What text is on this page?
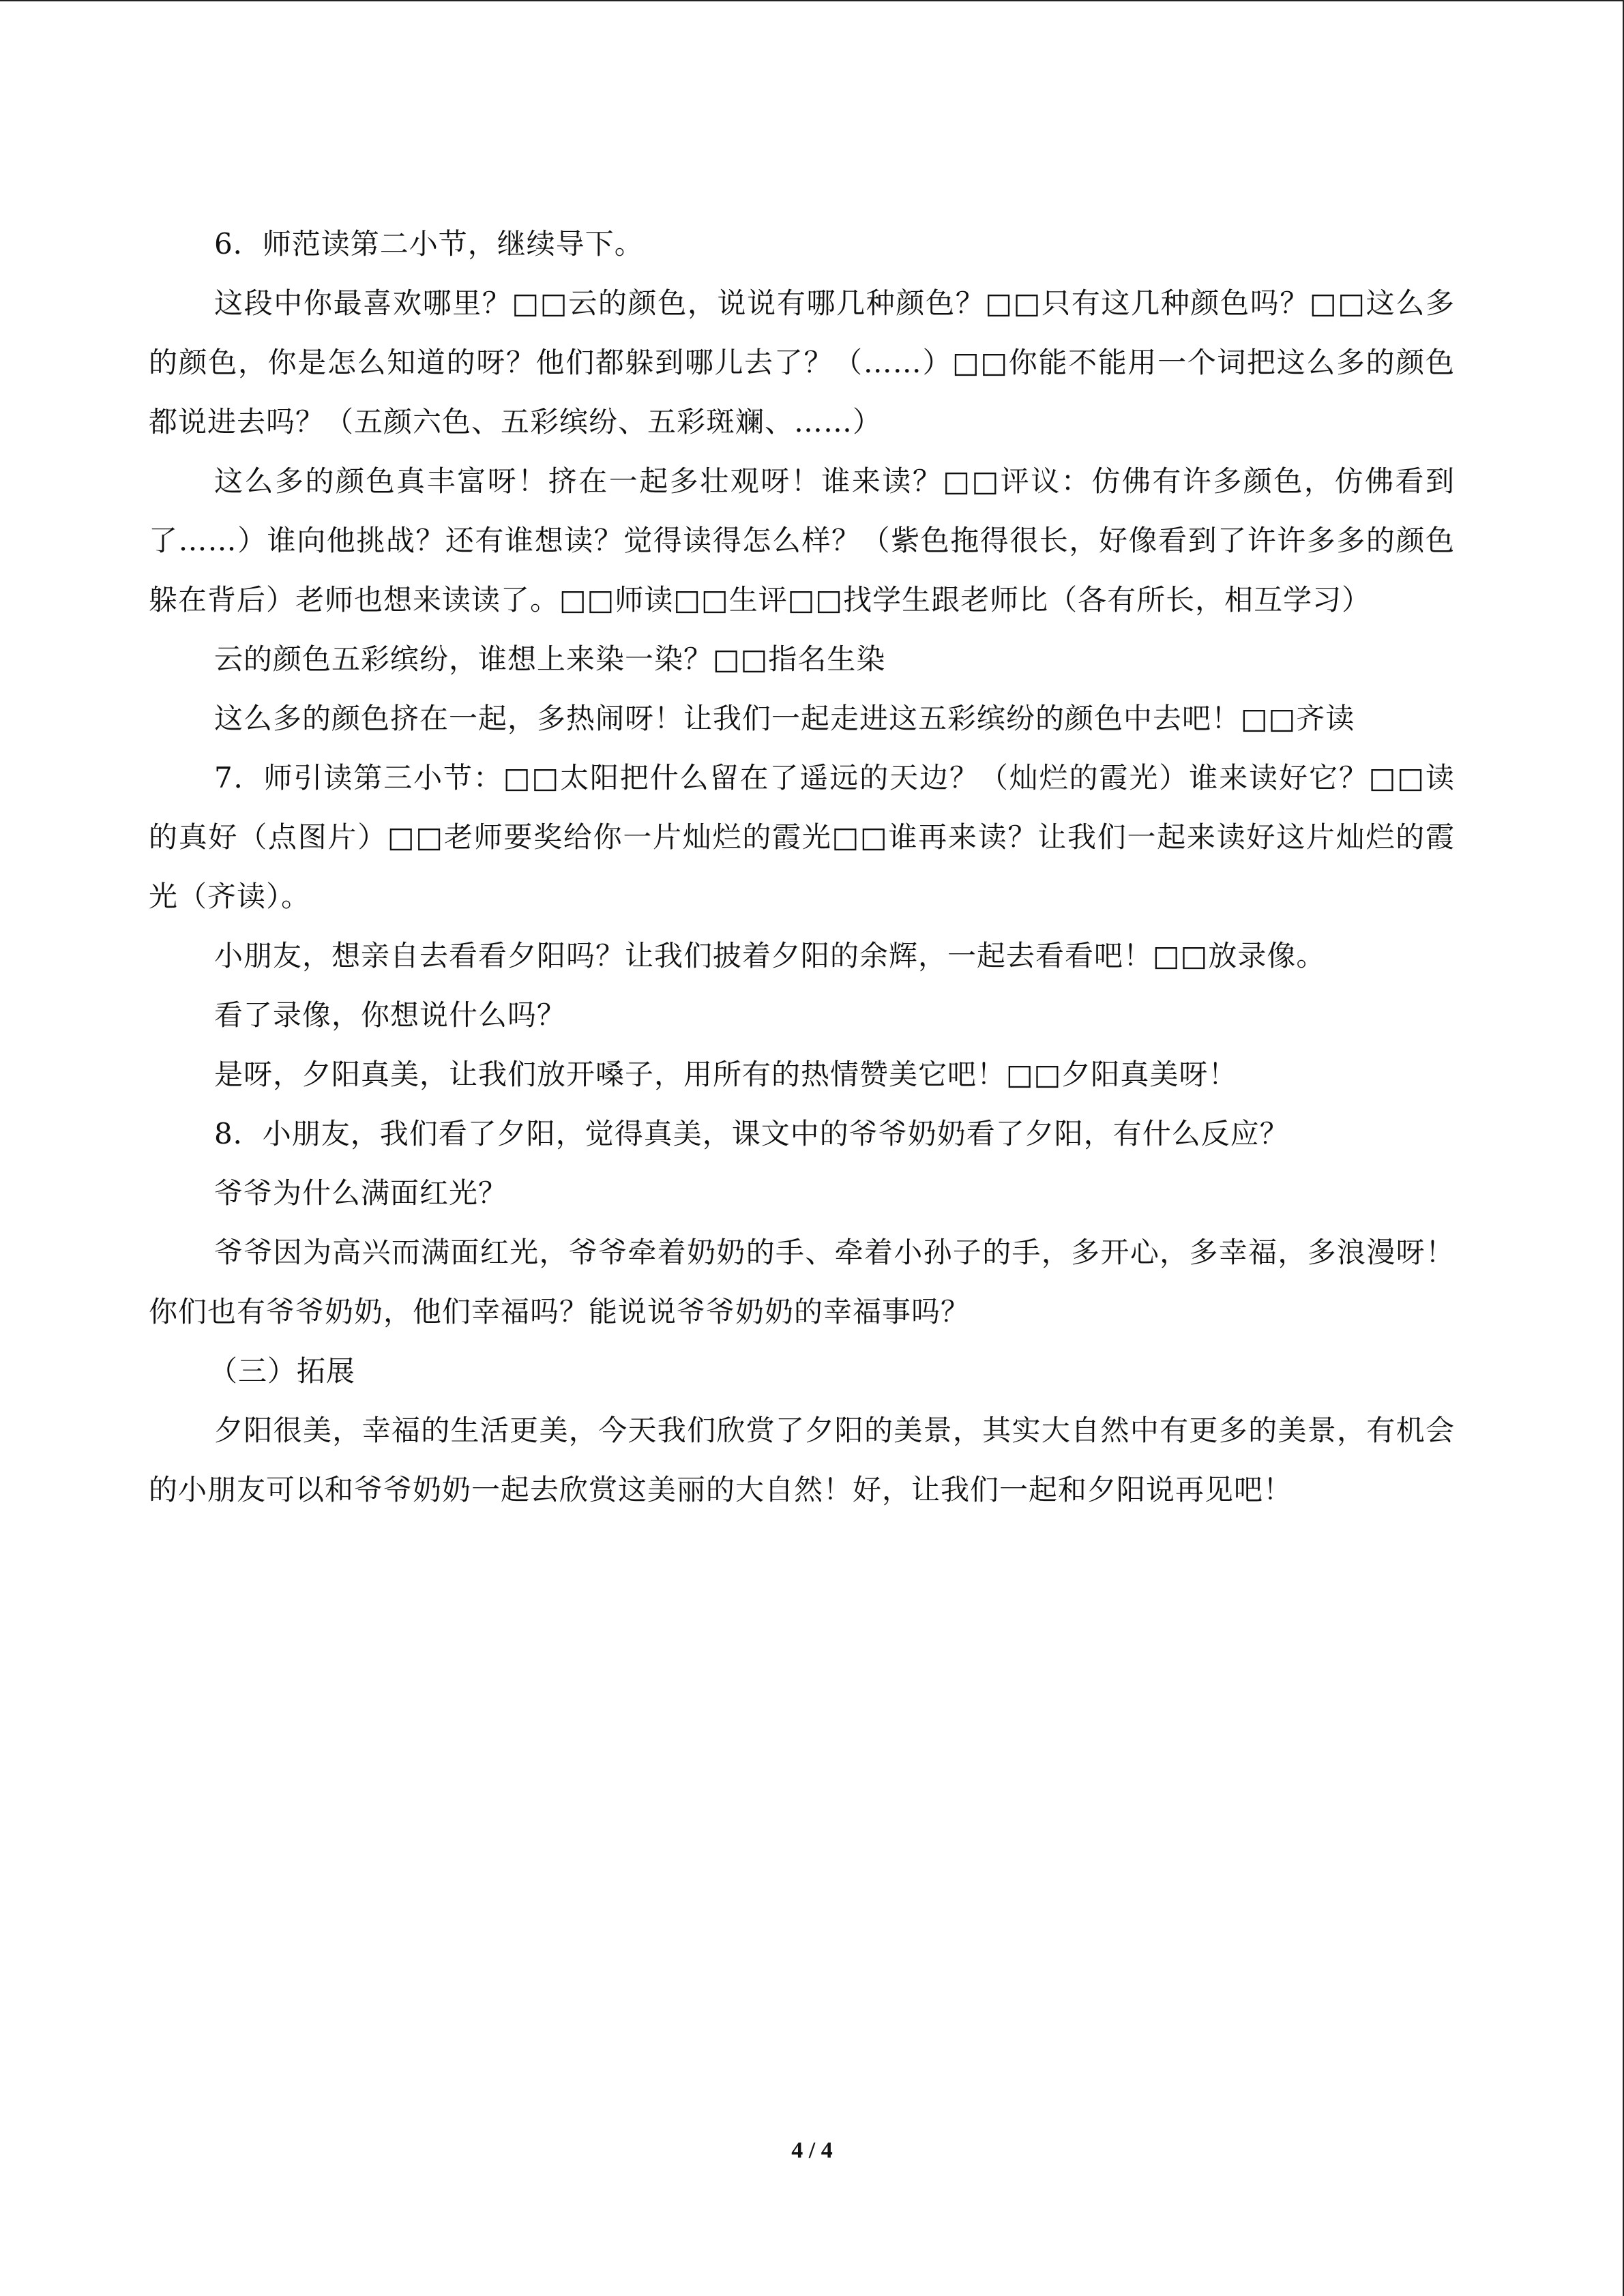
6．师范读第二小节，继续导下。

这段中你最喜欢哪里？□□云的颜色，说说有哪几种颜色？□□只有这几种颜色吗？□□这么多的颜色，你是怎么知道的呀？他们都躲到哪儿去了？（……）□□你能不能用一个词把这么多的颜色都说进去吗？（五颜六色、五彩缤纷、五彩斑斓、……）

这么多的颜色真丰富呀！挤在一起多壮观呀！谁来读？□□评议：仿佛有许多颜色，仿佛看到了……）谁向他挑战？还有谁想读？觉得读得怎么样？（紫色拖得很长，好像看到了许许多多的颜色躲在背后）老师也想来读读了。□□师读□□生评□□找学生跟老师比（各有所长，相互学习）

云的颜色五彩缤纷，谁想上来染一染？□□指名生染

这么多的颜色挤在一起，多热闹呀！让我们一起走进这五彩缤纷的颜色中去吧！□□齐读

7．师引读第三小节：□□太阳把什么留在了遥远的天边？（灿烂的霞光）谁来读好它？□□读的真好（点图片）□□老师要奖给你一片灿烂的霞光□□谁再来读？让我们一起来读好这片灿烂的霞光（齐读）。

小朋友，想亲自去看看夕阳吗？让我们披着夕阳的余辉，一起去看看吧！□□放录像。

看了录像，你想说什么吗？

是呀，夕阳真美，让我们放开嗓子，用所有的热情赞美它吧！□□夕阳真美呀！

8．小朋友，我们看了夕阳，觉得真美，课文中的爷爷奶奶看了夕阳，有什么反应？

爷爷为什么满面红光？

爷爷因为高兴而满面红光，爷爷牵着奶奶的手、牵着小孙子的手，多开心，多幸福，多浪漫呀！你们也有爷爷奶奶，他们幸福吗？能说说爷爷奶奶的幸福事吗？

（三）拓展

夕阳很美，幸福的生活更美，今天我们欣赏了夕阳的美景，其实大自然中有更多的美景，有机会的小朋友可以和爷爷奶奶一起去欣赏这美丽的大自然！好，让我们一起和夕阳说再见吧！

4 / 4
